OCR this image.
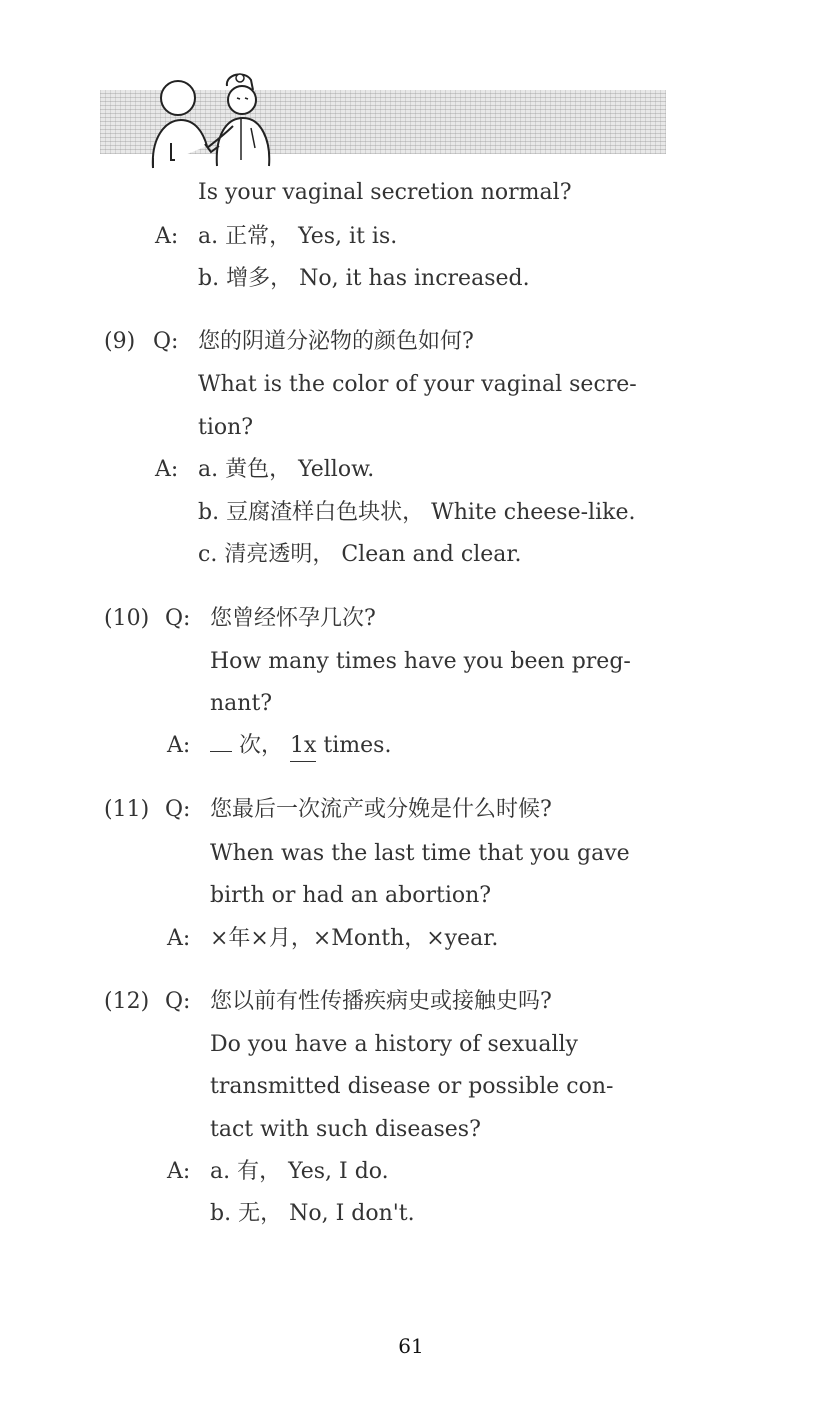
Is your vaginal secretion normal?
A: a. 正常， Yes, it is.
b. 增多， No, it has increased.
(9) Q: 您的阴道分泌物的颜色如何?
What is the color of your vaginal secre-
tion?
A: a. 黄色， Yellow.
b. 豆腐渣样白色块状， White cheese-like.
c. 清亮透明， Clean and clear.
(10) Q: 您曾经怀孕几次?
How many times have you been preg-
nant?
A:	次， 1x times.
(11) Q: 您最后一次流产或分娩是什么时候?
When was the last time that you gave
birth or had an abortion?
A: ×年×月，×Month，×year.
(12) Q: 您以前有性传播疾病史或接触史吗?
Do you have a history of sexually
transmitted disease or possible con-
tact with such diseases?
A: a. 有， Yes, I do.
b. 无， No, I don't.
61
